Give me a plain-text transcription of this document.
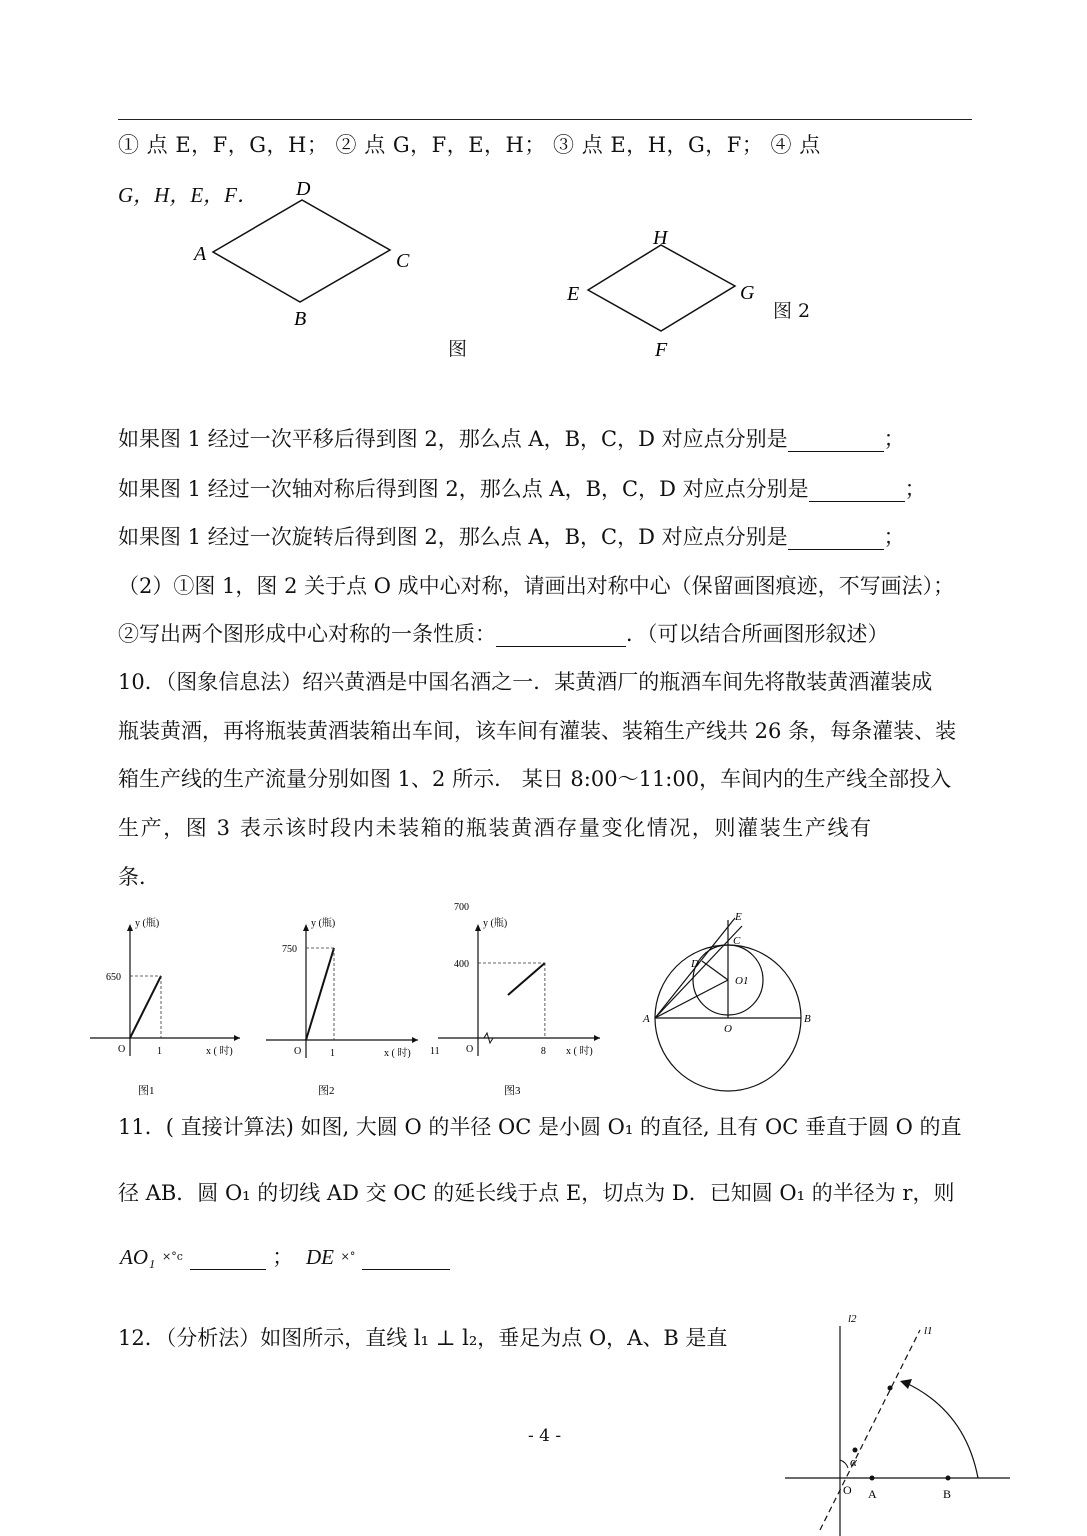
① 点 E，F，G，H； ② 点 G，F，E，H； ③ 点 E，H，G，F； ④ 点
G，H，E，F．
A
B
C
D
图
E
F
G
H
图 2
如果图 1 经过一次平移后得到图 2，那么点 A，B，C，D 对应点分别是	；
如果图 1 经过一次轴对称后得到图 2，那么点 A，B，C，D 对应点分别是	；
如果图 1 经过一次旋转后得到图 2，那么点 A，B，C，D 对应点分别是	；
（2）①图 1，图 2 关于点 O 成中心对称，请画出对称中心（保留画图痕迹，不写画法）；
②写出两个图形成中心对称的一条性质：	．（可以结合所画图形叙述）
10．（图象信息法）绍兴黄酒是中国名酒之一．某黄酒厂的瓶酒车间先将散装黄酒灌装成
瓶装黄酒，再将瓶装黄酒装箱出车间，该车间有灌装、装箱生产线共 26 条，每条灌装、装
箱生产线的生产流量分别如图 1、2 所示． 某日 8:00～11:00，车间内的生产线全部投入
生产，图 3 表示该时段内未装箱的瓶装黄酒存量变化情况，则灌装生产线有
条．
1
650
O
y (瓶)
x ( 时)
图1
1
750
O
y (瓶)
x ( 时)
图2
8
11
400
700
O
y (瓶)
x ( 时)
图3
E
C
D
O1
A
O
B
11．( 直接计算法) 如图, 大圆 O 的半径 OC 是小圆 O₁ 的直径, 且有 OC 垂直于圆 O 的直
径 AB．圆 O₁ 的切线 AD 交 OC 的延长线于点 E，切点为 D．已知圆 O₁ 的半径为 r，则
AO₁ $^{\times^\circ c}$	； DE ×°
12．（分析法）如图所示，直线 l₁ ⊥ l₂，垂足为点 O，A、B 是直
l2
l1
α
O A	B
- 4 -
